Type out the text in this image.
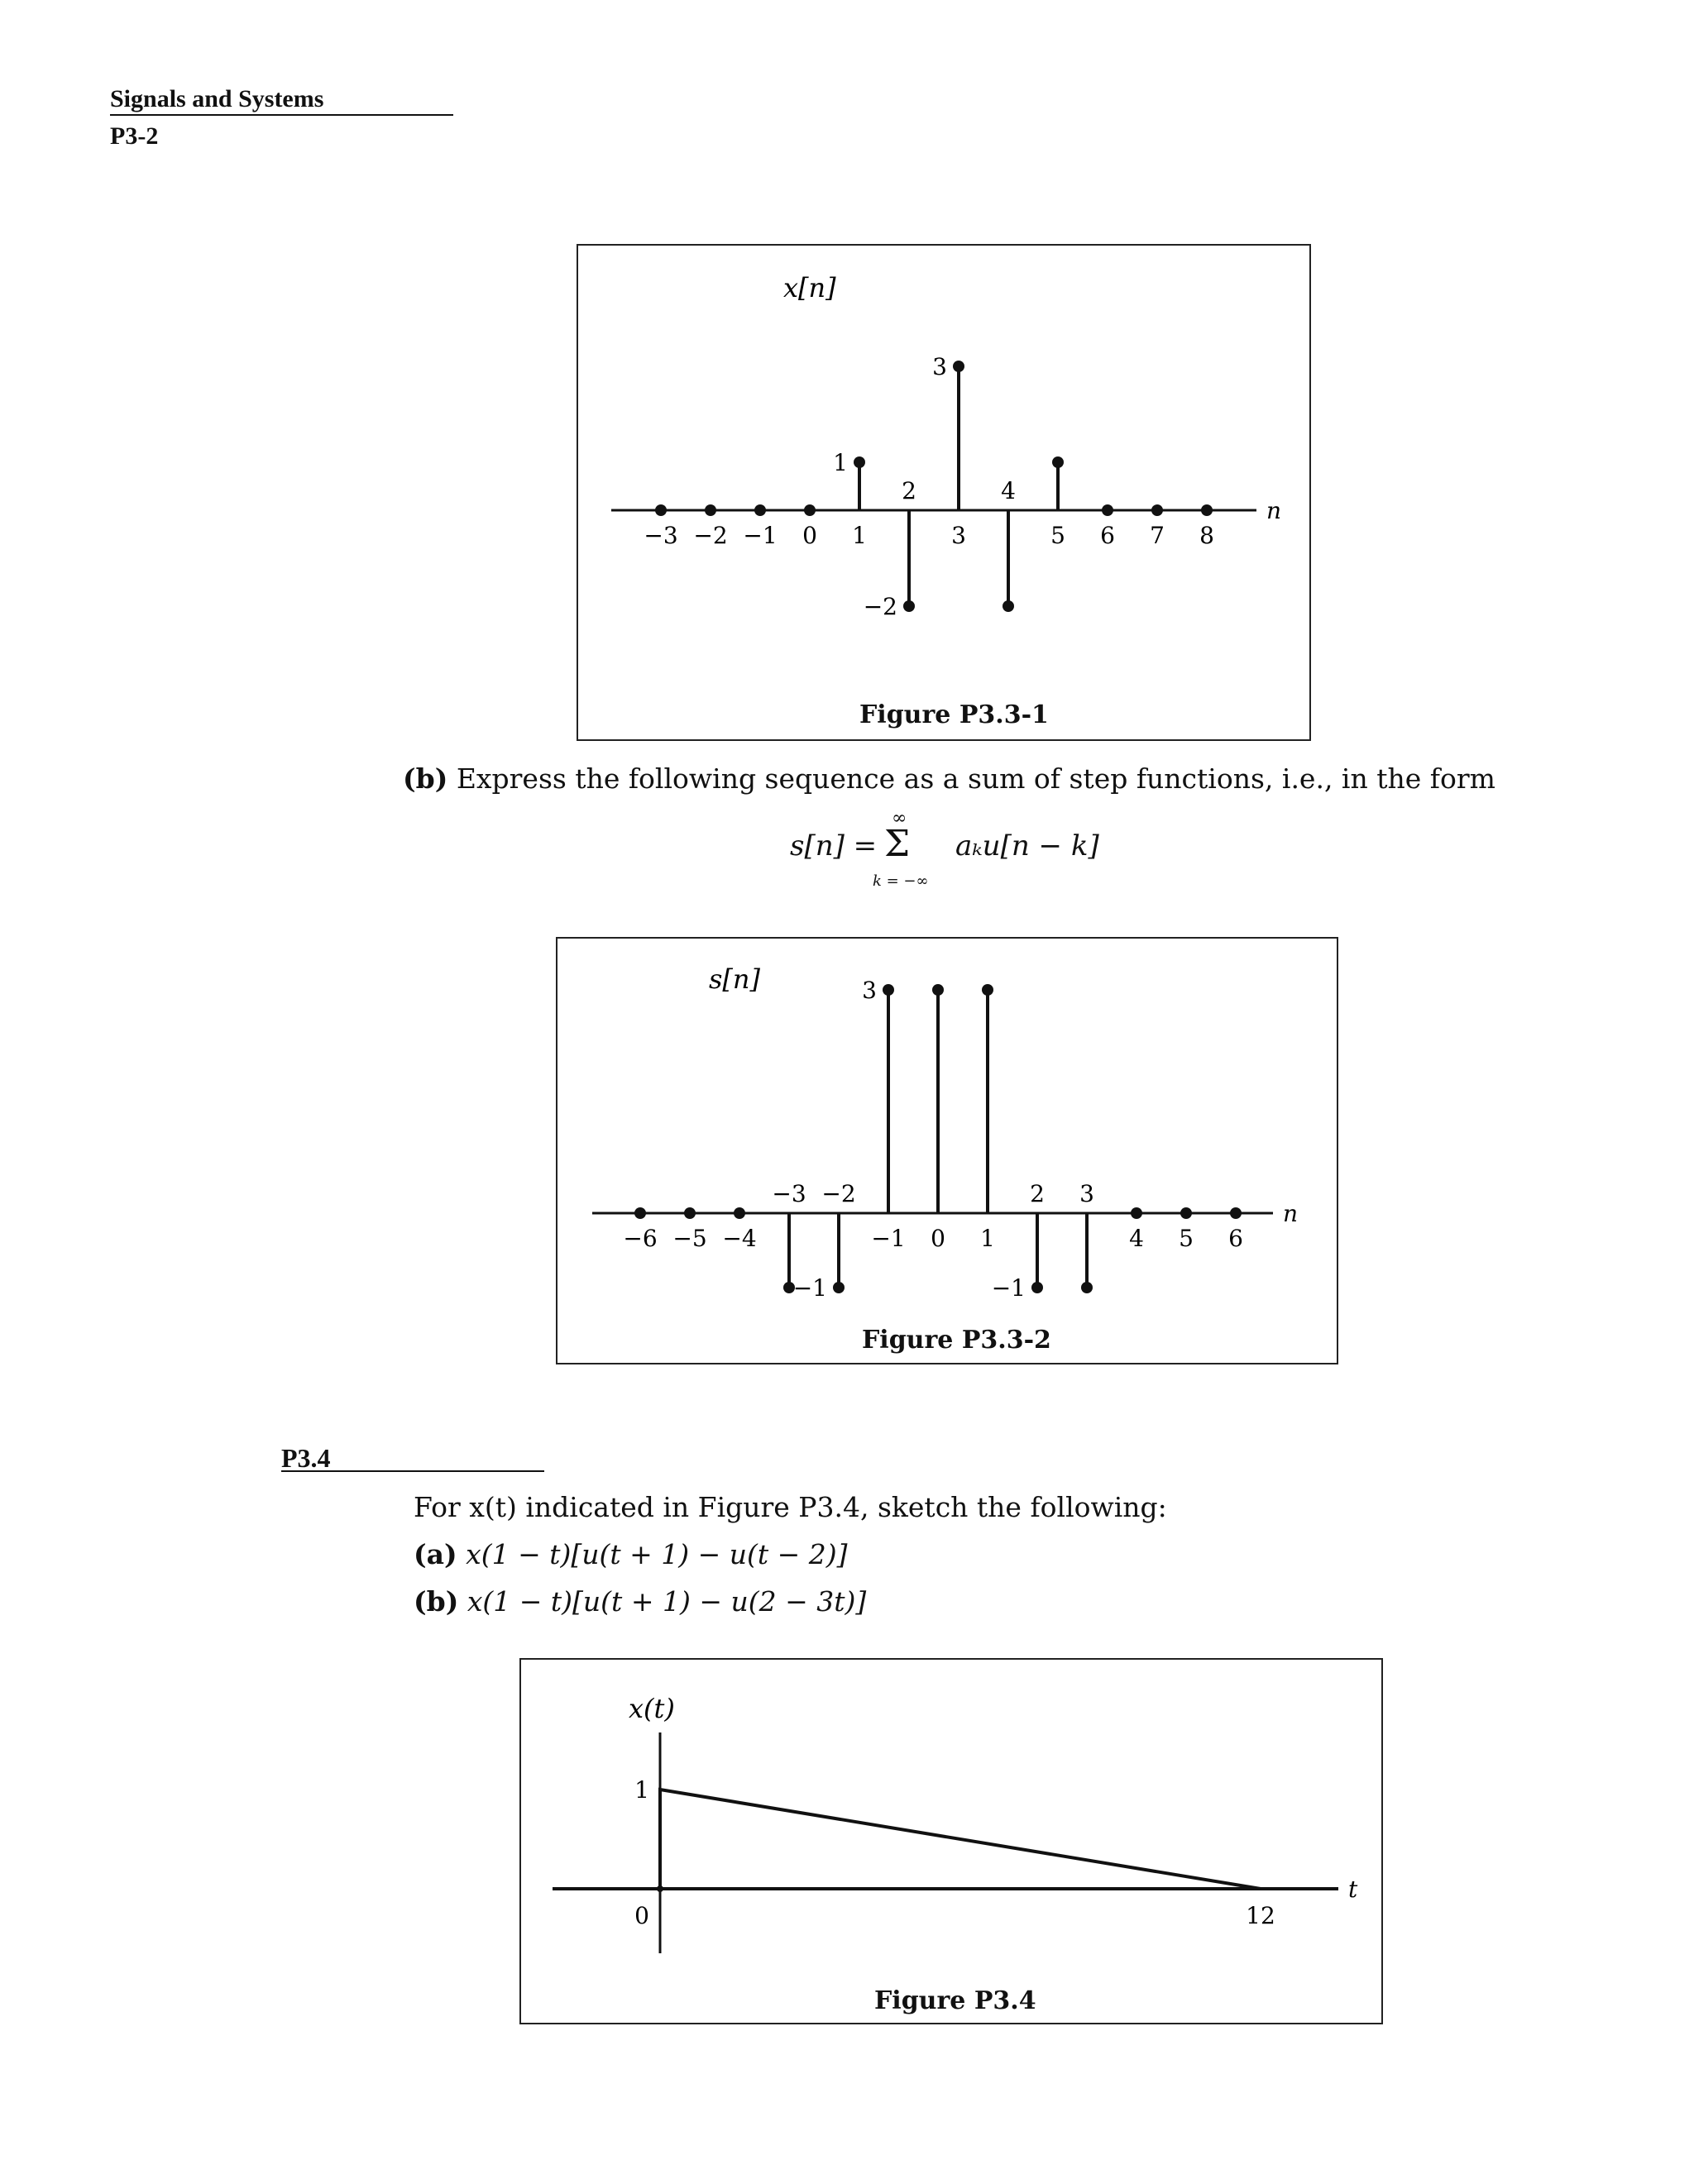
Signals and Systems
P3-2
n
x[n]
−3 −2 −1 0 1
2
3
4
5 6 7 8
1
−2
3
Figure P3.3-1
(b) Express the following sequence as a sum of step functions, i.e., in the form
s[n] =
∞
Σ
k = −∞
aₖu[n − k]
n
s[n]
−6 −5 −4
−3 −2
−1 0 1
2 3
4 5 6
3
−1	−1
Figure P3.3-2
P3.4
For x(t) indicated in Figure P3.4, sketch the following:
(a) x(1 − t)[u(t + 1) − u(t − 2)]
(b) x(1 − t)[u(t + 1) − u(2 − 3t)]
t
x(t)
1
0	12
Figure P3.4
